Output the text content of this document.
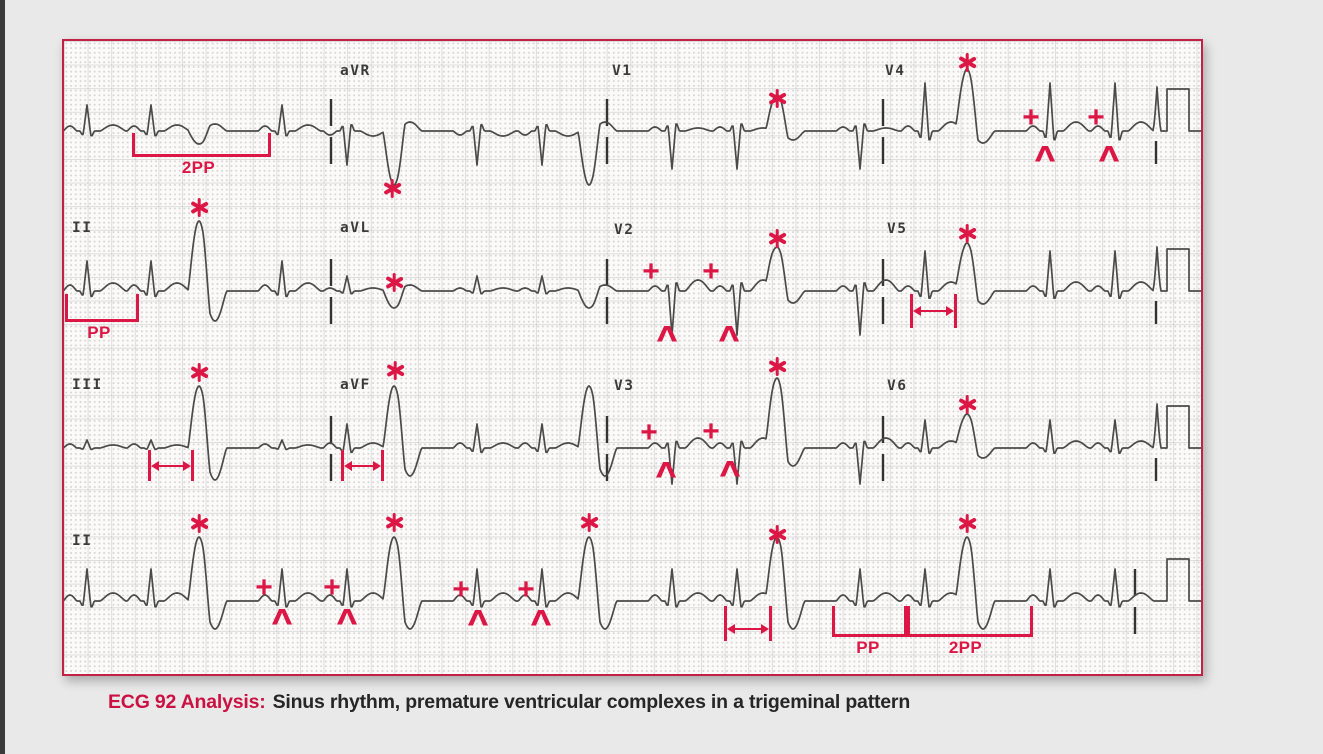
aVR	V1	V4
II	aVL	V2	V5
III	aVF	V3	V6
II
+ +
+ +
+ +
+ +	+ +
Λ Λ
Λ Λ
Λ Λ
Λ Λ	Λ Λ
2PP
PP
PP	2PP
ECG 92 Analysis: Sinus rhythm, premature ventricular complexes in a trigeminal pattern
